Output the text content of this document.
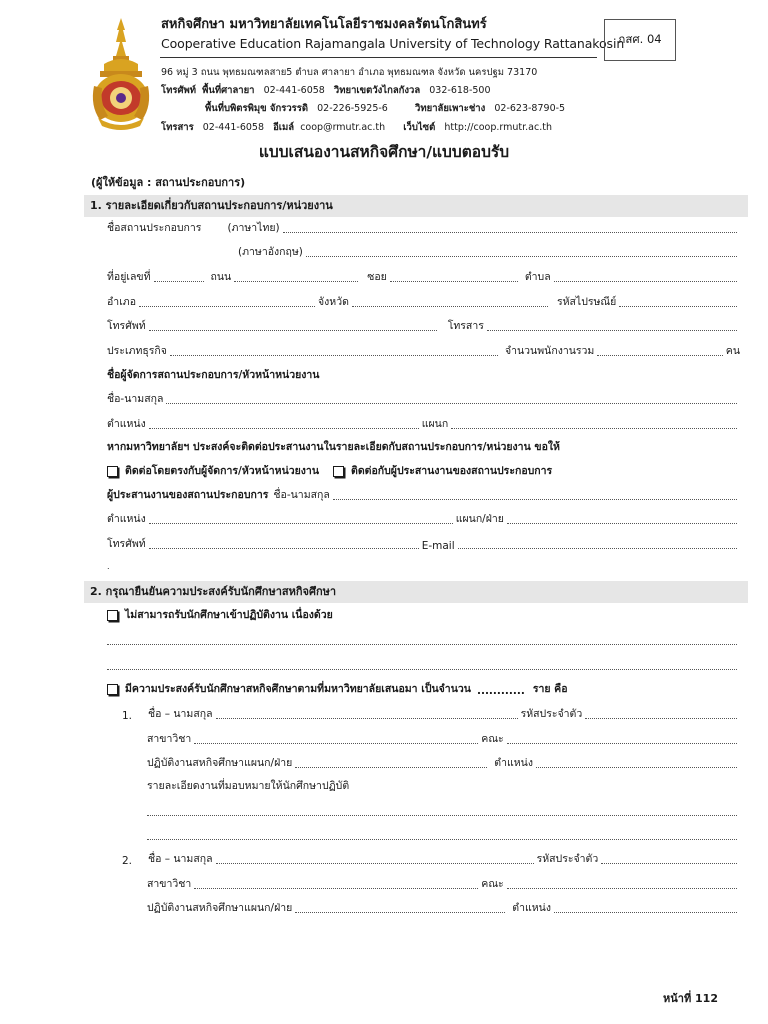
สหกิจศึกษา มหาวิทยาลัยเทคโนโลยีราชมงคลรัตนโกสินทร์
Cooperative Education Rajamangala University of Technology Rattanakosin
กสศ. 04
96 หมู่ 3 ถนน พุทธมณฑลสาย5 ตำบล ศาลายา อำเภอ พุทธมณฑล จังหวัด นครปฐม 73170
โทรศัพท์ พื้นที่ศาลายา 02-441-6058 วิทยาเขตวังไกลกังวล 032-618-500
พื้นที่บพิตรพิมุข จักรวรรดิ 02-226-5925-6	วิทยาลัยเพาะช่าง 02-623-8790-5
โทรสาร 02-441-6058 อีเมล์ coop@rmutr.ac.th เว็บไซต์ http://coop.rmutr.ac.th
แบบเสนองานสหกิจศึกษา/แบบตอบรับ
(ผู้ให้ข้อมูล : สถานประกอบการ)
1. รายละเอียดเกี่ยวกับสถานประกอบการ/หน่วยงาน
ชื่อสถานประกอบการ (ภาษาไทย)
(ภาษาอังกฤษ)
ที่อยู่เลขที่	ถนน	ซอย	ตำบล
อำเภอ	จังหวัด	รหัสไปรษณีย์
โทรศัพท์	โทรสาร
ประเภทธุรกิจ	จำนวนพนักงานรวม	คน
ชื่อผู้จัดการสถานประกอบการ/หัวหน้าหน่วยงาน
ชื่อ-นามสกุล
ตำแหน่ง	แผนก
หากมหาวิทยาลัยฯ ประสงค์จะติดต่อประสานงานในรายละเอียดกับสถานประกอบการ/หน่วยงาน ขอให้
ติดต่อโดยตรงกับผู้จัดการ/หัวหน้าหน่วยงาน	ติดต่อกับผู้ประสานงานของสถานประกอบการ
ผู้ประสานงานของสถานประกอบการ ชื่อ-นามสกุล
ตำแหน่ง	แผนก/ฝ่าย
โทรศัพท์	E-mail
.
2. กรุณายืนยันความประสงค์รับนักศึกษาสหกิจศึกษา
ไม่สามารถรับนักศึกษาเข้าปฏิบัติงาน เนื่องด้วย
มีความประสงค์รับนักศึกษาสหกิจศึกษาตามที่มหาวิทยาลัยเสนอมา เป็นจำนวน ............ ราย คือ
1.	ชื่อ – นามสกุล	รหัสประจำตัว
สาขาวิชา	คณะ
ปฏิบัติงานสหกิจศึกษาแผนก/ฝ่าย	ตำแหน่ง
รายละเอียดงานที่มอบหมายให้นักศึกษาปฏิบัติ
2.	ชื่อ – นามสกุล	รหัสประจำตัว
สาขาวิชา	คณะ
ปฏิบัติงานสหกิจศึกษาแผนก/ฝ่าย	ตำแหน่ง
หน้าที่ 112
